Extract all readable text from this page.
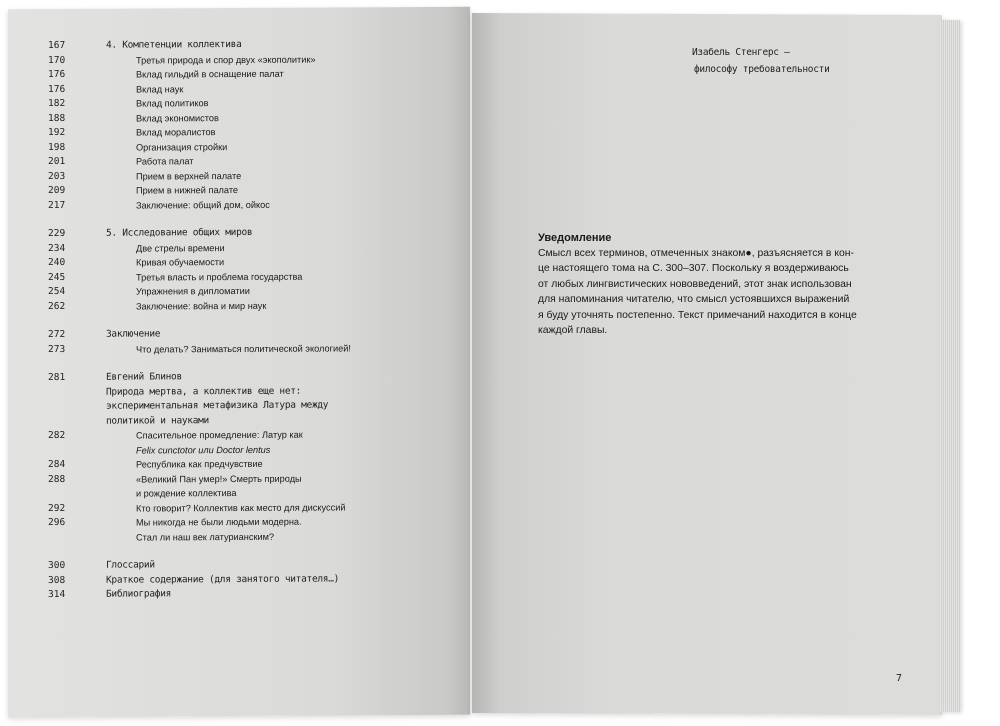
167	4. Компетенции коллектива
170	Третья природа и спор двух «экополитик»
176	Вклад гильдий в оснащение палат
176	Вклад наук
182	Вклад политиков
188	Вклад экономистов
192	Вклад моралистов
198	Организация стройки
201	Работа палат
203	Прием в верхней палате
209	Прием в нижней палате
217	Заключение: общий дом, ойкос
229	5. Исследование общих миров
234	Две стрелы времени
240	Кривая обучаемости
245	Третья власть и проблема государства
254	Упражнения в дипломатии
262	Заключение: война и мир наук
272	Заключение
273	Что делать? Заниматься политической экологией!
281	Евгений Блинов
Природа мертва, а коллектив еще нет:
экспериментальная метафизика Латура между
политикой и науками
282	Спасительное промедление: Латур как
Felix cunctotor или Doctor lentus
284	Республика как предчувствие
288	«Великий Пан умер!» Смерть природы
и рождение коллектива
292	Кто говорит? Коллектив как место для дискуссий
296	Мы никогда не были людьми модерна.
Стал ли наш век латурианским?
300	Глоссарий
308	Краткое содержание (для занятого читателя…)
314	Библиография
Изабель Стенгерс —
философу требовательности
Уведомление
Смысл всех терминов, отмеченных знаком●, разъясняется в кон-
це настоящего тома на С. 300–307. Поскольку я воздерживаюсь
от любых лингвистических нововведений, этот знак использован
для напоминания читателю, что смысл устоявшихся выражений
я буду уточнять постепенно. Текст примечаний находится в конце
каждой главы.
7
